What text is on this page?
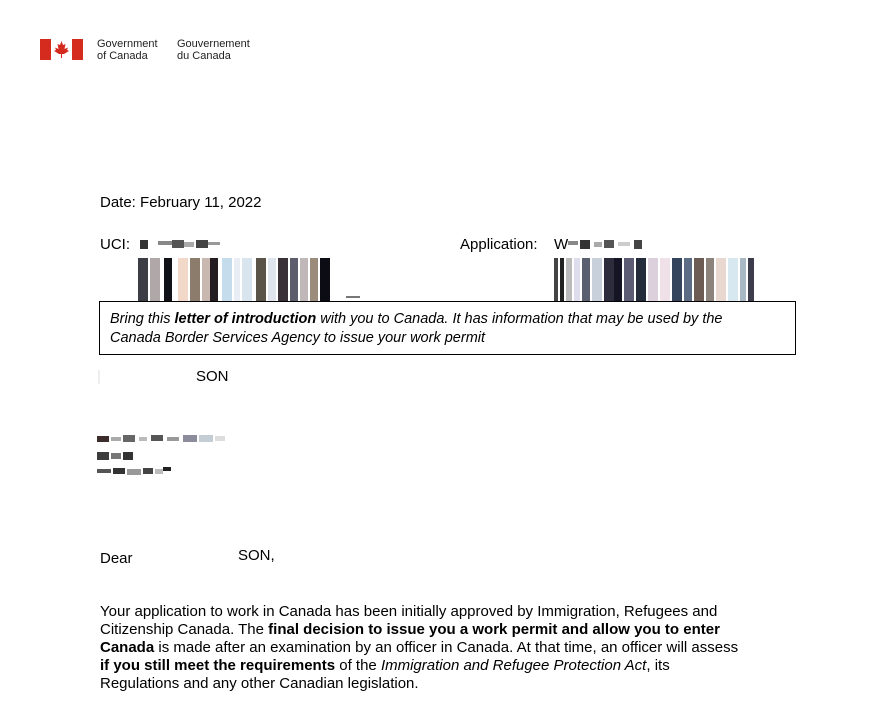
Government
of Canada
Gouvernement
du Canada
Date: February 11, 2022
UCI:	Application: W
Bring this letter of introduction with you to Canada. It has information that may be used by the
Canada Border Services Agency to issue your work permit
SON
Dear	SON,
Your application to work in Canada has been initially approved by Immigration, Refugees and
Citizenship Canada. The final decision to issue you a work permit and allow you to enter
Canada is made after an examination by an officer in Canada. At that time, an officer will assess
if you still meet the requirements of the Immigration and Refugee Protection Act, its
Regulations and any other Canadian legislation.
